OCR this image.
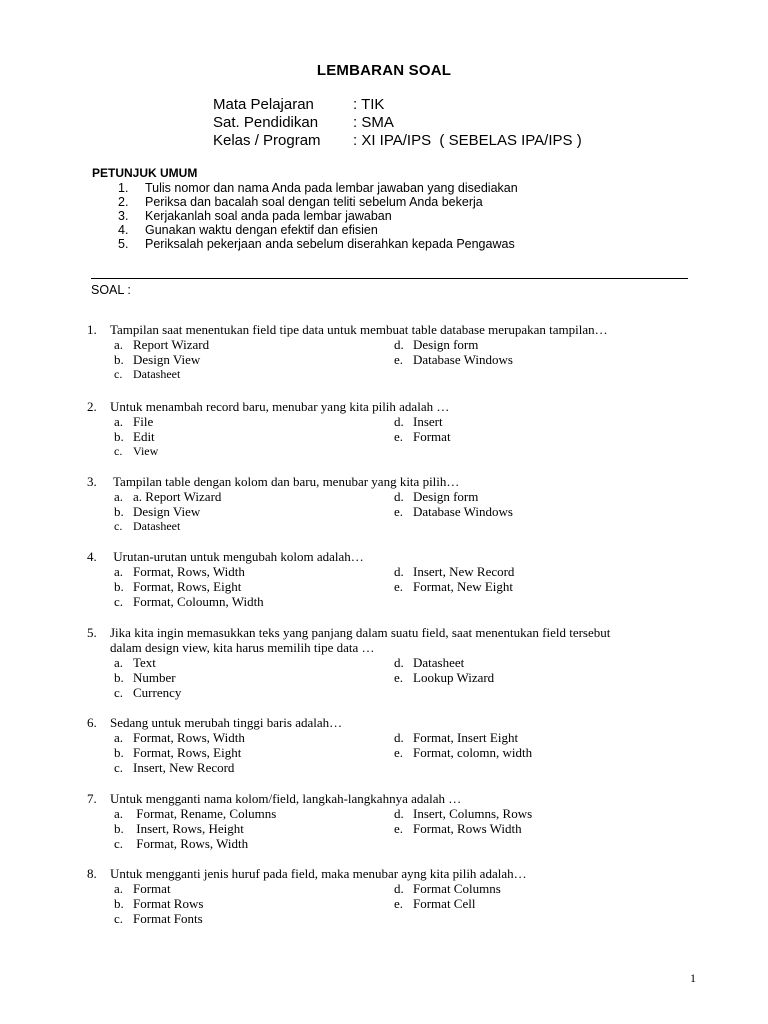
LEMBARAN SOAL
Mata Pelajaran	: TIK
Sat. Pendidikan	: SMA
Kelas / Program	: XI IPA/IPS  ( SEBELAS IPA/IPS )
PETUNJUK UMUM
1.	Tulis nomor dan nama Anda pada lembar jawaban yang disediakan
2.	Periksa dan bacalah soal dengan teliti sebelum Anda bekerja
3.	Kerjakanlah soal anda pada lembar jawaban
4.	Gunakan waktu dengan efektif dan efisien
5.	Periksalah pekerjaan anda sebelum diserahkan kepada Pengawas
SOAL :
1. Tampilan saat menentukan field tipe data untuk membuat table database merupakan tampilan…
a. Report Wizard
b. Design View
c. Datasheet
d. Design form
e. Database Windows
2. Untuk menambah record baru, menubar yang kita pilih adalah …
a. File
b. Edit
c. View
d. Insert
e. Format
3. Tampilan table dengan kolom dan baru, menubar yang kita pilih…
a. a. Report Wizard
b. Design View
c. Datasheet
d. Design form
e. Database Windows
4. Urutan-urutan untuk mengubah kolom adalah…
a. Format, Rows, Width
b. Format, Rows, Eight
c. Format, Coloumn, Width
d. Insert, New Record
e. Format, New Eight
5. Jika kita ingin memasukkan teks yang panjang dalam suatu field, saat menentukan field tersebut
dalam design view, kita harus memilih tipe data …
a. Text
b. Number
c. Currency
d. Datasheet
e. Lookup Wizard
6. Sedang untuk merubah tinggi baris adalah…
a. Format, Rows, Width
b. Format, Rows, Eight
c. Insert, New Record
d. Format, Insert Eight
e. Format, colomn, width
7. Untuk mengganti nama kolom/field, langkah-langkahnya adalah …
a. Format, Rename, Columns
b. Insert, Rows, Height
c. Format, Rows, Width
d. Insert, Columns, Rows
e. Format, Rows Width
8. Untuk mengganti jenis huruf pada field, maka menubar ayng kita pilih adalah…
a. Format
b. Format Rows
c. Format Fonts
d. Format Columns
e. Format Cell
1
